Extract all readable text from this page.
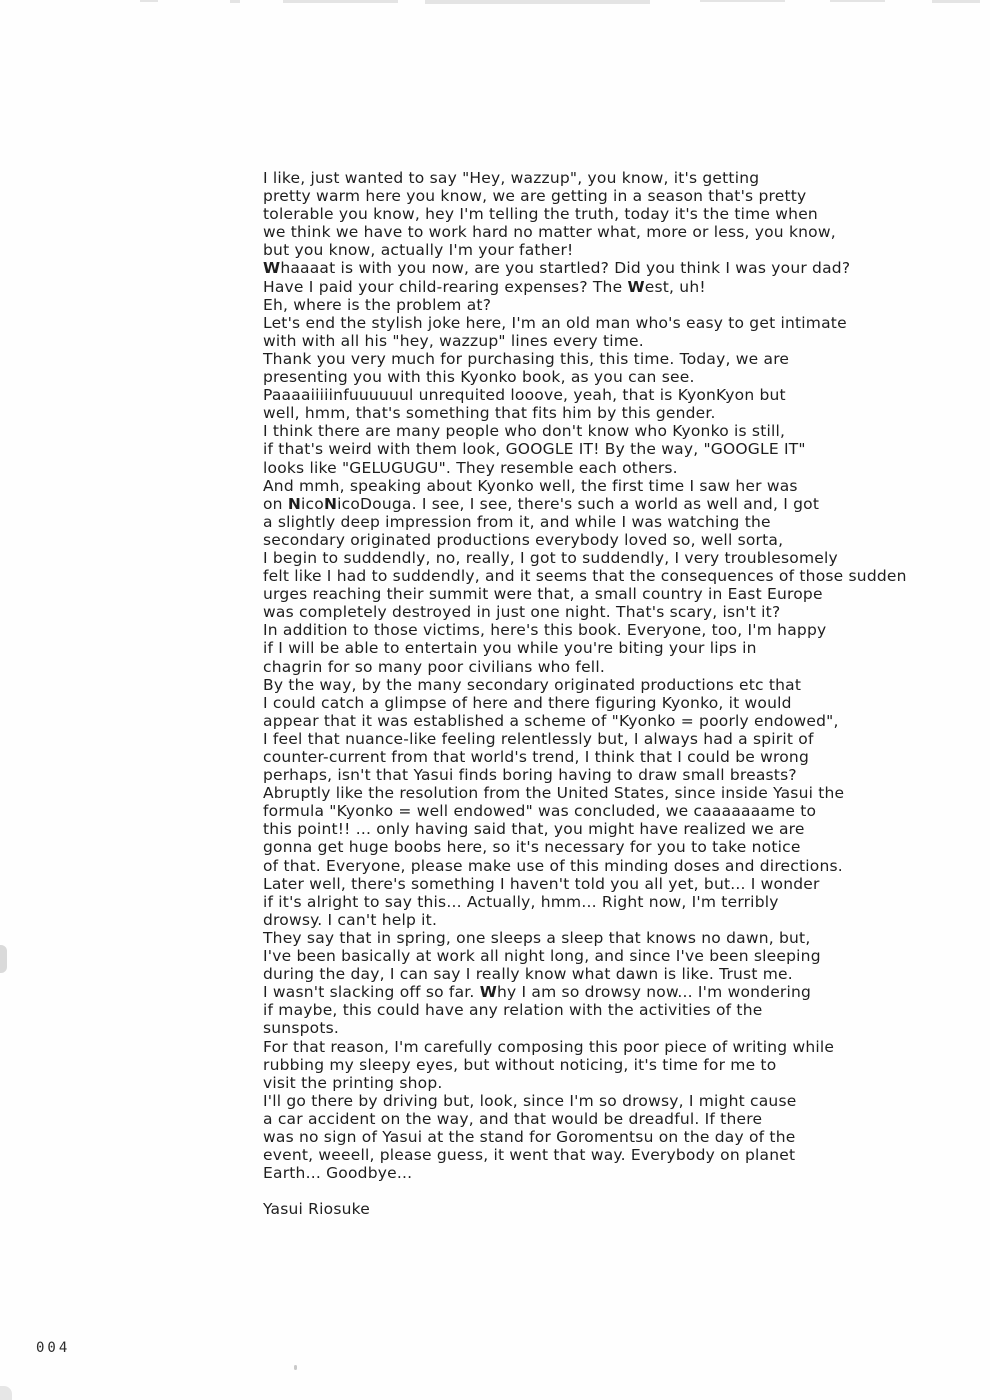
I like, just wanted to say "Hey, wazzup", you know, it's getting
pretty warm here you know, we are getting in a season that's pretty
tolerable you know, hey I'm telling the truth, today it's the time when
we think we have to work hard no matter what, more or less, you know,
but you know, actually I'm your father!
Whaaaat is with you now, are you startled? Did you think I was your dad?
Have I paid your child-rearing expenses? The West, uh!
Eh, where is the problem at?
Let's end the stylish joke here, I'm an old man who's easy to get intimate
with with all his "hey, wazzup" lines every time.
Thank you very much for purchasing this, this time. Today, we are
presenting you with this Kyonko book, as you can see.
Paaaaiiiiinfuuuuuul unrequited looove, yeah, that is KyonKyon but
well, hmm, that's something that fits him by this gender.
I think there are many people who don't know who Kyonko is still,
if that's weird with them look, GOOGLE IT! By the way, "GOOGLE IT"
looks like "GELUGUGU". They resemble each others.
And mmh, speaking about Kyonko well, the first time I saw her was
on NicoNicoDouga. I see, I see, there's such a world as well and, I got
a slightly deep impression from it, and while I was watching the
secondary originated productions everybody loved so, well sorta,
I begin to suddendly, no, really, I got to suddendly, I very troublesomely
felt like I had to suddendly, and it seems that the consequences of those sudden
urges reaching their summit were that, a small country in East Europe
was completely destroyed in just one night. That's scary, isn't it?
In addition to those victims, here's this book. Everyone, too, I'm happy
if I will be able to entertain you while you're biting your lips in
chagrin for so many poor civilians who fell.
By the way, by the many secondary originated productions etc that
I could catch a glimpse of here and there figuring Kyonko, it would
appear that it was established a scheme of "Kyonko = poorly endowed",
I feel that nuance-like feeling relentlessly but, I always had a spirit of
counter-current from that world's trend, I think that I could be wrong
perhaps, isn't that Yasui finds boring having to draw small breasts?
Abruptly like the resolution from the United States, since inside Yasui the
formula "Kyonko = well endowed" was concluded, we caaaaaaame to
this point!! ... only having said that, you might have realized we are
gonna get huge boobs here, so it's necessary for you to take notice
of that. Everyone, please make use of this minding doses and directions.
Later well, there's something I haven't told you all yet, but... I wonder
if it's alright to say this... Actually, hmm... Right now, I'm terribly
drowsy. I can't help it.
They say that in spring, one sleeps a sleep that knows no dawn, but,
I've been basically at work all night long, and since I've been sleeping
during the day, I can say I really know what dawn is like. Trust me.
I wasn't slacking off so far. Why I am so drowsy now... I'm wondering
if maybe, this could have any relation with the activities of the
sunspots.
For that reason, I'm carefully composing this poor piece of writing while
rubbing my sleepy eyes, but without noticing, it's time for me to
visit the printing shop.
I'll go there by driving but, look, since I'm so drowsy, I might cause
a car accident on the way, and that would be dreadful. If there
was no sign of Yasui at the stand for Goromentsu on the day of the
event, weeell, please guess, it went that way. Everybody on planet
Earth... Goodbye...

Yasui Riosuke
004
